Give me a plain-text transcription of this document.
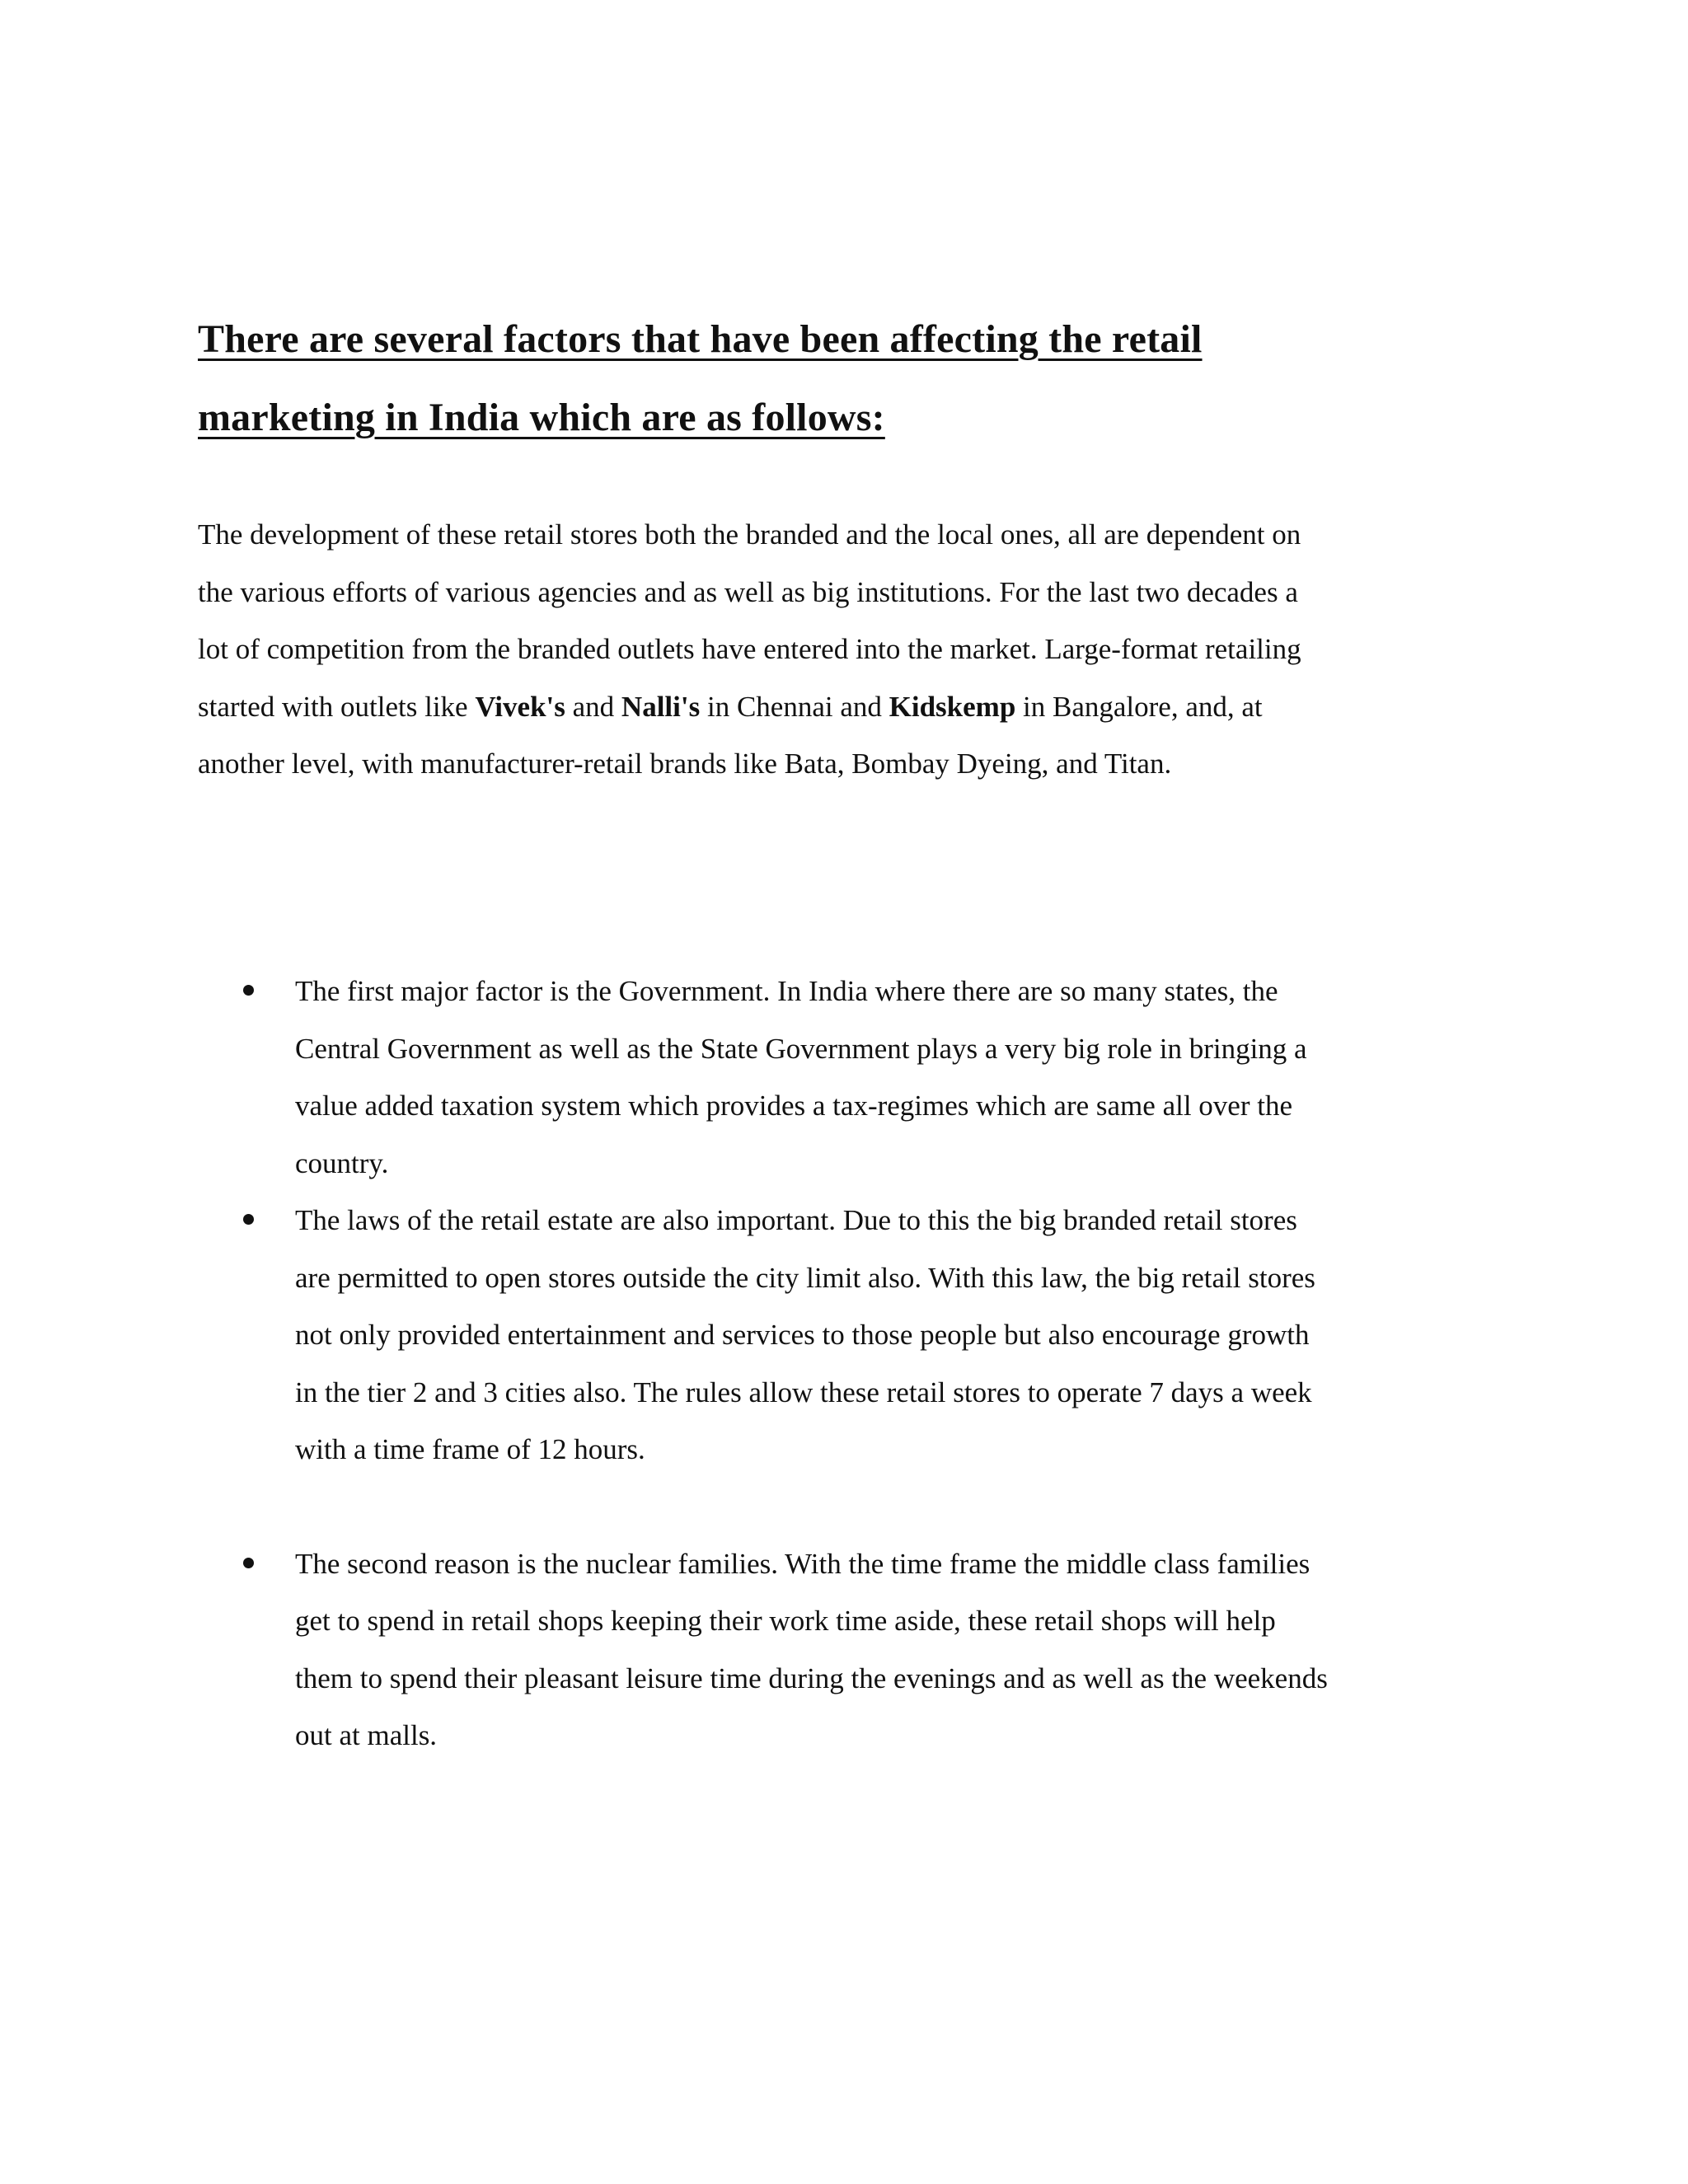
There are several factors that have been affecting the retail
marketing in India which are as follows:
The development of these retail stores both the branded and the local ones, all are dependent on
the various efforts of various agencies and as well as big institutions. For the last two decades a
lot of competition from the branded outlets have entered into the market. Large-format retailing
started with outlets like Vivek's and Nalli's in Chennai and Kidskemp in Bangalore, and, at
another level, with manufacturer-retail brands like Bata, Bombay Dyeing, and Titan.
The first major factor is the Government. In India where there are so many states, the
Central Government as well as the State Government plays a very big role in bringing a
value added taxation system which provides a tax-regimes which are same all over the
country.
The laws of the retail estate are also important. Due to this the big branded retail stores
are permitted to open stores outside the city limit also. With this law, the big retail stores
not only provided entertainment and services to those people but also encourage growth
in the tier 2 and 3 cities also. The rules allow these retail stores to operate 7 days a week
with a time frame of 12 hours.
The second reason is the nuclear families. With the time frame the middle class families
get to spend in retail shops keeping their work time aside, these retail shops will help
them to spend their pleasant leisure time during the evenings and as well as the weekends
out at malls.
